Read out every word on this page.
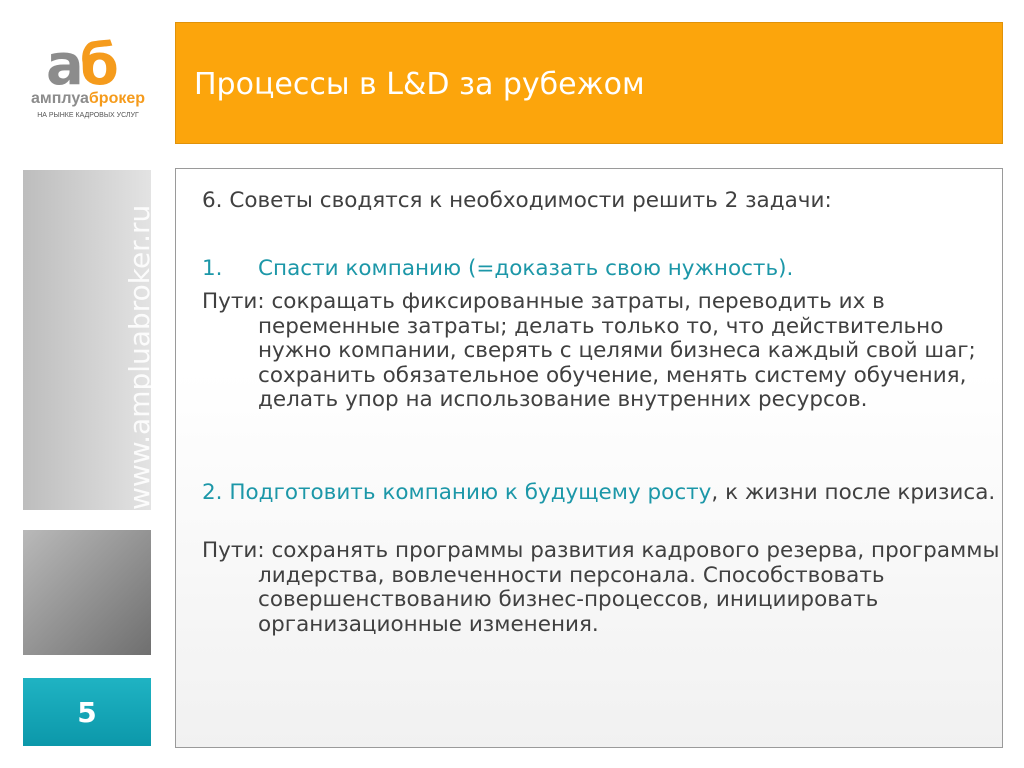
аб
амплуаброкер
НА РЫНКЕ КАДРОВЫХ УСЛУГ
Процессы в L&D за рубежом
www.ampluabroker.ru
5
6. Советы сводятся к необходимости решить 2 задачи:
1. Спасти компанию (=доказать свою нужность).
Пути: сокращать фиксированные затраты, переводить их в переменные затраты; делать только то, что действительно нужно компании, сверять с целями бизнеса каждый свой шаг; сохранить обязательное обучение, менять систему обучения, делать упор на использование внутренних ресурсов.
2. Подготовить компанию к будущему росту, к жизни после кризиса.
Пути: сохранять программы развития кадрового резерва, программы лидерства, вовлеченности персонала. Способствовать совершенствованию бизнес-процессов, инициировать организационные изменения.
